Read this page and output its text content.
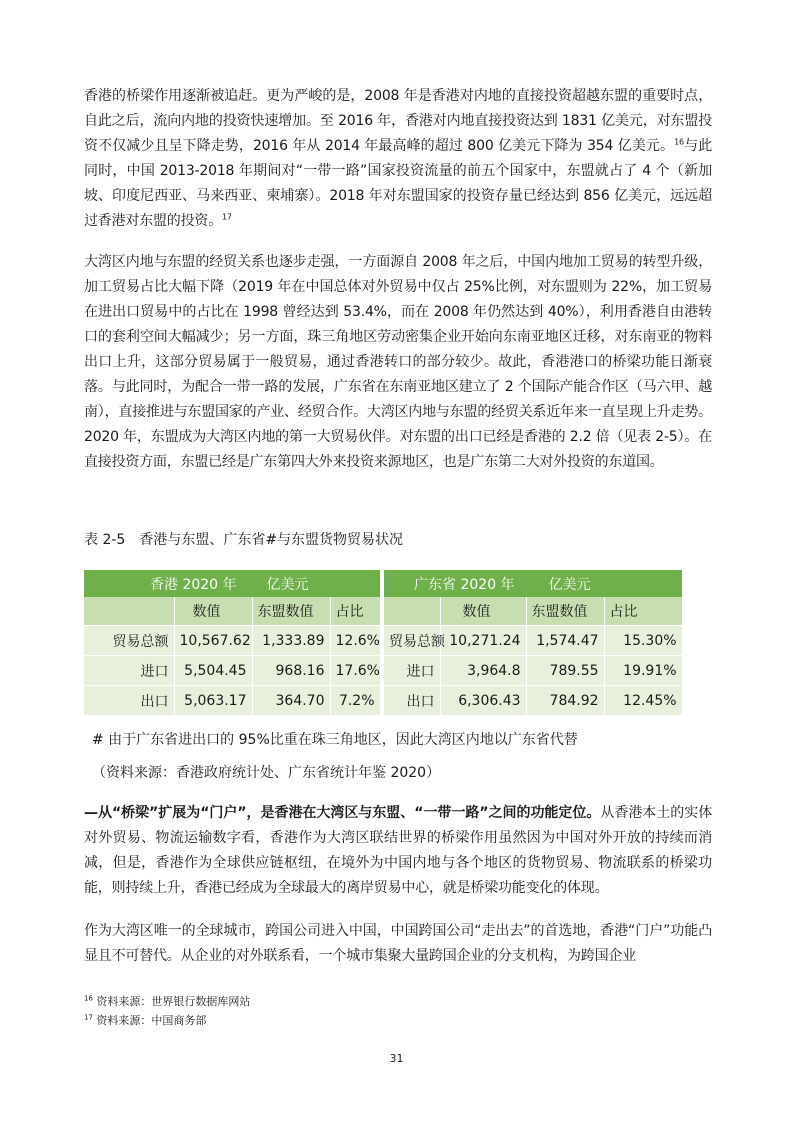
香港的桥梁作用逐渐被追赶。更为严峻的是，2008 年是香港对内地的直接投资超越东盟的重要时点，自此之后，流向内地的投资快速增加。至 2016 年，香港对内地直接投资达到 1831 亿美元，对东盟投资不仅减少且呈下降走势，2016 年从 2014 年最高峰的超过 800 亿美元下降为 354 亿美元。$^{16}$与此同时，中国 2013-2018 年期间对“一带一路”国家投资流量的前五个国家中，东盟就占了 4 个（新加坡、印度尼西亚、马来西亚、柬埔寨）。2018 年对东盟国家的投资存量已经达到 856 亿美元，远远超过香港对东盟的投资。$^{17}$

大湾区内地与东盟的经贸关系也逐步走强，一方面源自 2008 年之后，中国内地加工贸易的转型升级，加工贸易占比大幅下降（2019 年在中国总体对外贸易中仅占 25%比例，对东盟则为 22%，加工贸易在进出口贸易中的占比在 1998 曾经达到 53.4%，而在 2008 年仍然达到 40%），利用香港自由港转口的套利空间大幅减少；另一方面，珠三角地区劳动密集企业开始向东南亚地区迁移，对东南亚的物料出口上升，这部分贸易属于一般贸易，通过香港转口的部分较少。故此，香港港口的桥梁功能日渐衰落。与此同时，为配合一带一路的发展，广东省在东南亚地区建立了 2 个国际产能合作区（马六甲、越南），直接推进与东盟国家的产业、经贸合作。大湾区内地与东盟的经贸关系近年来一直呈现上升走势。2020 年，东盟成为大湾区内地的第一大贸易伙伴。对东盟的出口已经是香港的 2.2 倍（见表 2-5）。在直接投资方面，东盟已经是广东第四大外来投资来源地区，也是广东第二大对外投资的东道国。

表 2-5 香港与东盟、广东省#与东盟货物贸易状况

香港 2020 年 亿美元					广东省 2020 年 亿美元			
	数值	东盟数值	占比			数值	东盟数值	占比
贸易总额	10,567.62	1,333.89	12.6%		贸易总额	10,271.24	1,574.47	15.30%
进口	5,504.45	968.16	17.6%		进口	3,964.8	789.55	19.91%
出口	5,063.17	364.70	7.2%		出口	6,306.43	784.92	12.45%

# 由于广东省进出口的 95%比重在珠三角地区，因此大湾区内地以广东省代替

（资料来源：香港政府统计处、广东省统计年鉴 2020）

—从“桥梁”扩展为“门户”，是香港在大湾区与东盟、“一带一路”之间的功能定位。从香港本土的实体对外贸易、物流运输数字看，香港作为大湾区联结世界的桥梁作用虽然因为中国对外开放的持续而消减，但是，香港作为全球供应链枢纽，在境外为中国内地与各个地区的货物贸易、物流联系的桥梁功能，则持续上升，香港已经成为全球最大的离岸贸易中心，就是桥梁功能变化的体现。

作为大湾区唯一的全球城市，跨国公司进入中国，中国跨国公司“走出去”的首选地，香港“门户”功能凸显且不可替代。从企业的对外联系看，一个城市集聚大量跨国企业的分支机构，为跨国企业

$^{16}$ 资料来源：世界银行数据库网站

$^{17}$ 资料来源：中国商务部

31
